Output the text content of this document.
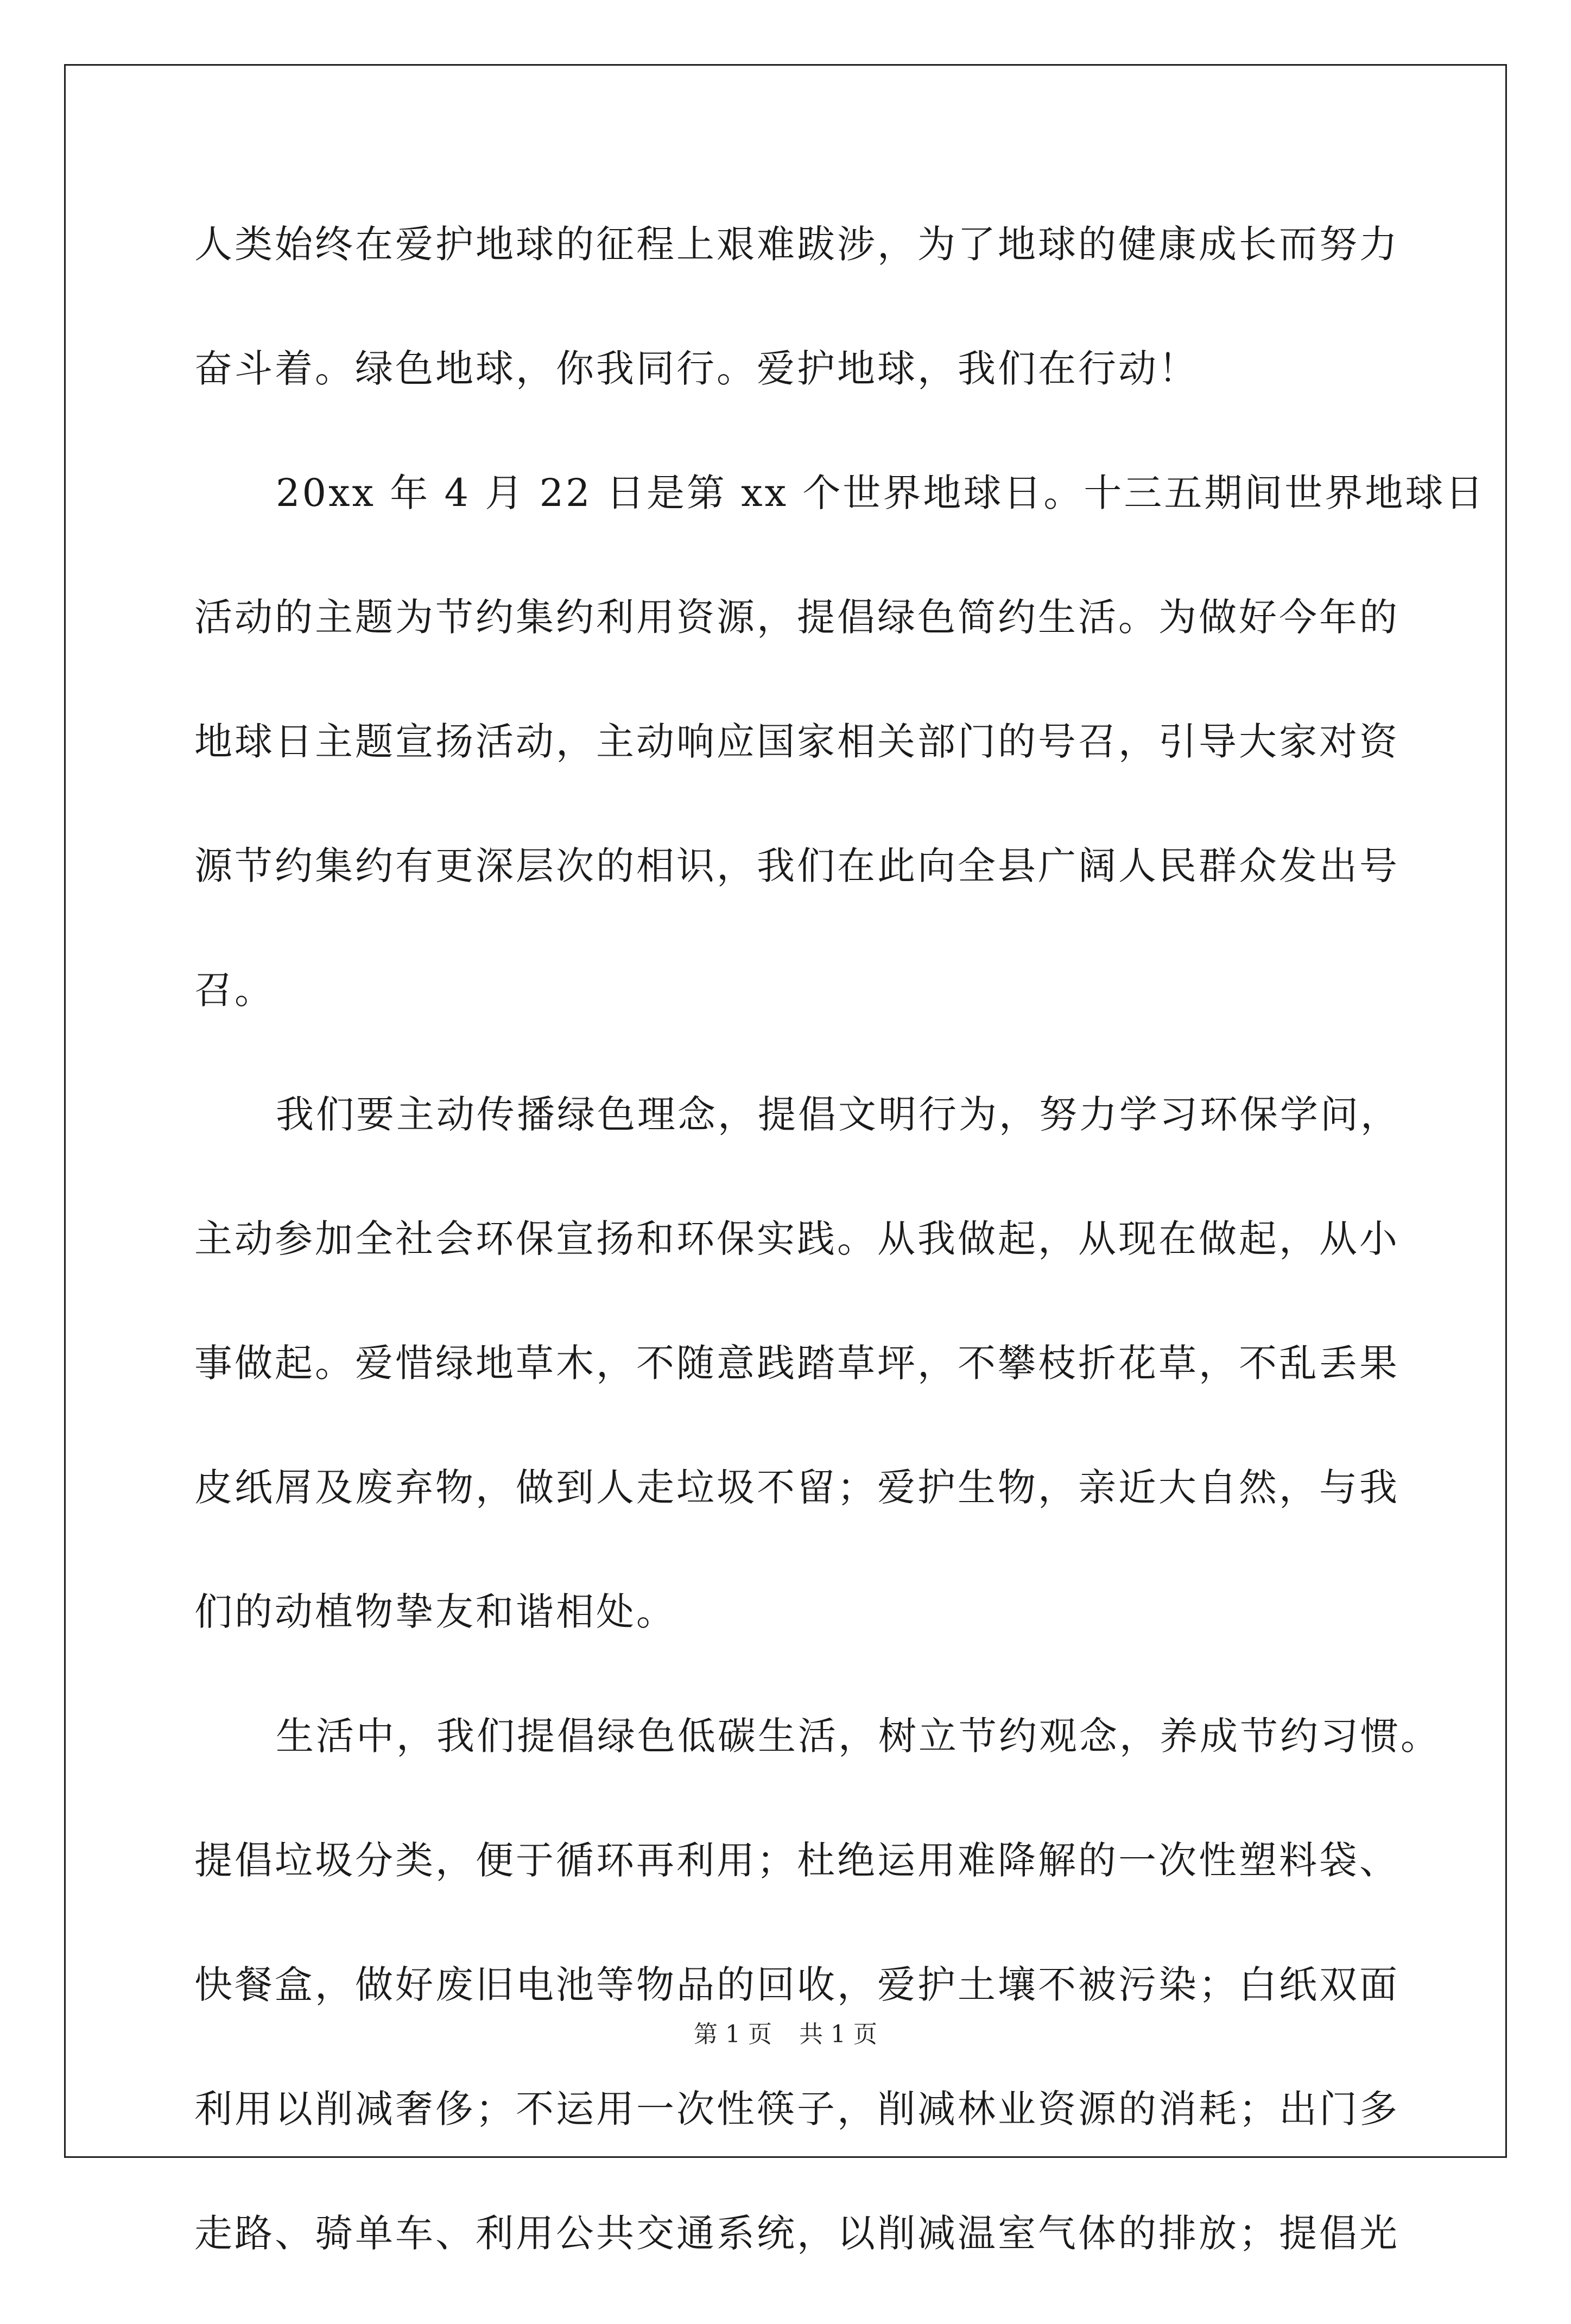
人类始终在爱护地球的征程上艰难跋涉，为了地球的健康成长而努力
奋斗着。绿色地球，你我同行。爱护地球，我们在行动！
20xx 年 4 月 22 日是第 xx 个世界地球日。十三五期间世界地球日
活动的主题为节约集约利用资源，提倡绿色简约生活。为做好今年的
地球日主题宣扬活动，主动响应国家相关部门的号召，引导大家对资
源节约集约有更深层次的相识，我们在此向全县广阔人民群众发出号
召。
我们要主动传播绿色理念，提倡文明行为，努力学习环保学问，
主动参加全社会环保宣扬和环保实践。从我做起，从现在做起，从小
事做起。爱惜绿地草木，不随意践踏草坪，不攀枝折花草，不乱丢果
皮纸屑及废弃物，做到人走垃圾不留；爱护生物，亲近大自然，与我
们的动植物挚友和谐相处。
生活中，我们提倡绿色低碳生活，树立节约观念，养成节约习惯。
提倡垃圾分类，便于循环再利用；杜绝运用难降解的一次性塑料袋、
快餐盒，做好废旧电池等物品的回收，爱护土壤不被污染；白纸双面
利用以削减奢侈；不运用一次性筷子，削减林业资源的消耗；出门多
走路、骑单车、利用公共交通系统，以削减温室气体的排放；提倡光
第 1 页 共 1 页
